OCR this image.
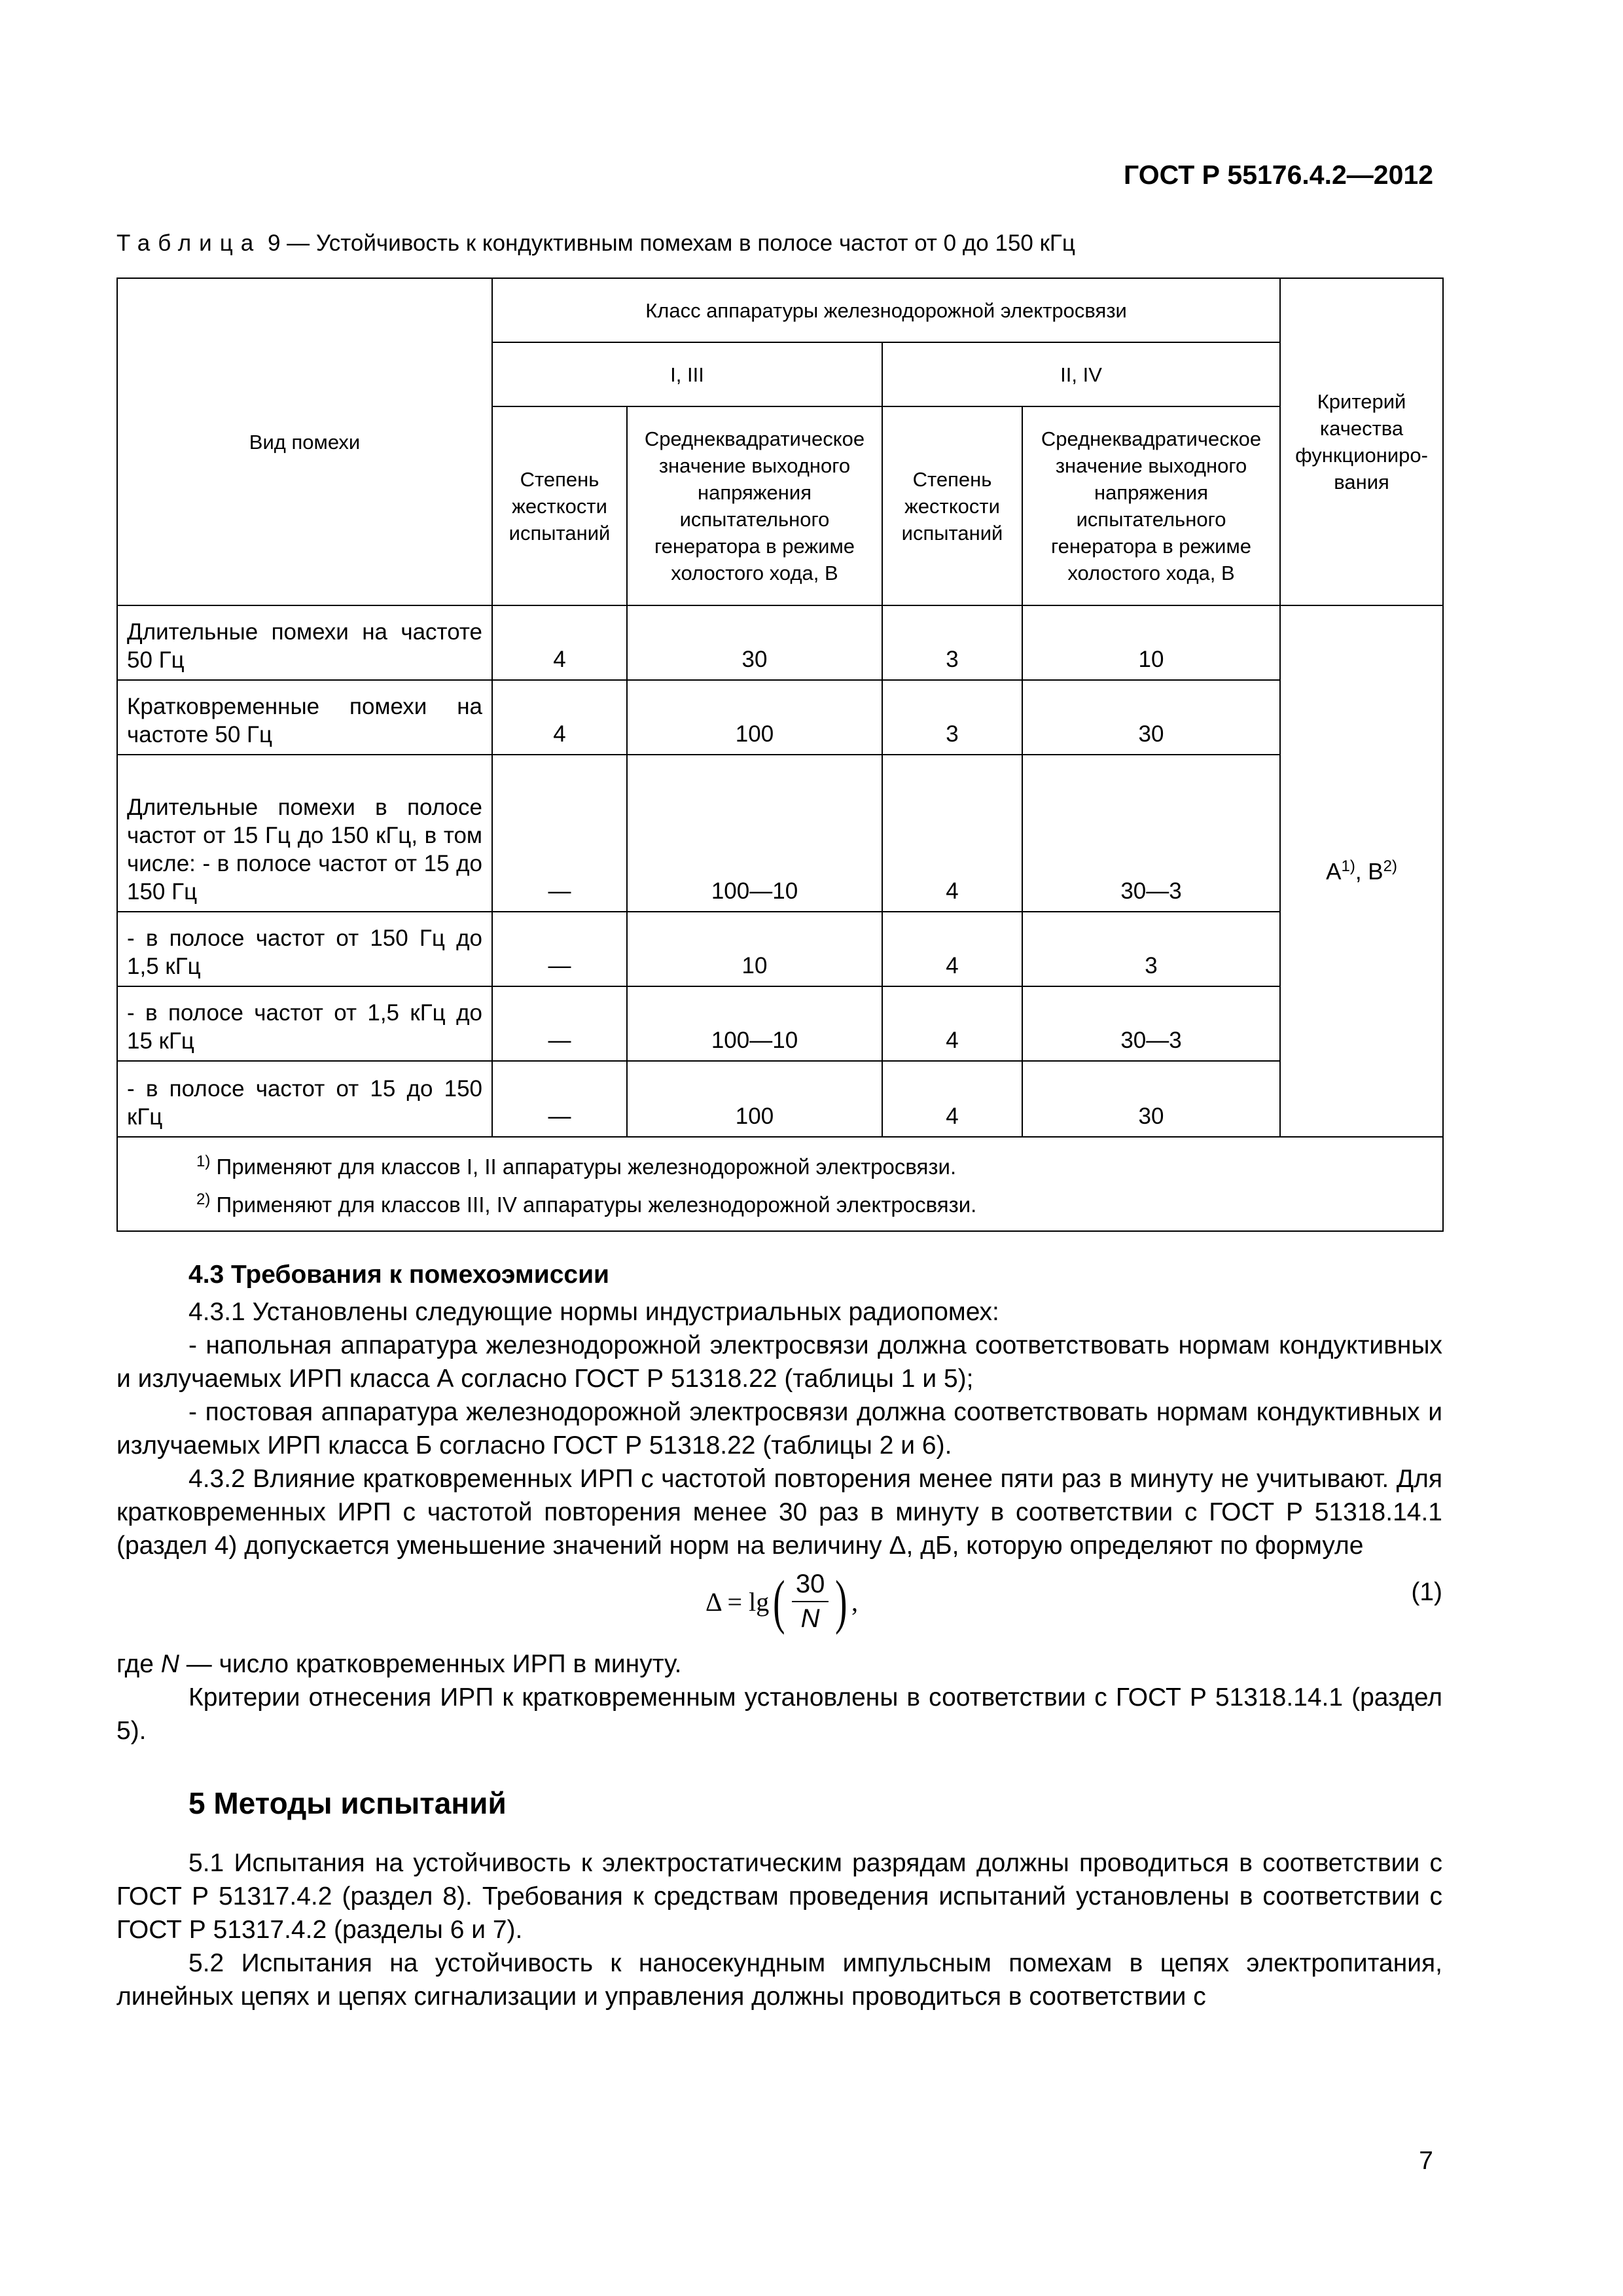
ГОСТ Р 55176.4.2—2012
Таблица 9 — Устойчивость к кондуктивным помехам в полосе частот от 0 до 150 кГц
Вид помехи	Класс аппаратуры железнодорожной электросвязи				Критерий качества функциониро-вания
	I, III		II, IV		
	Степень жесткости испытаний	Среднеквадратическое значение выходного напряжения испытательного генератора в режиме холостого хода, В	Степень жесткости испытаний	Среднеквадратическое значение выходного напряжения испытательного генератора в режиме холостого хода, В	
Длительные помехи на частоте 50 Гц	4	30	3	10	$А^{1)}$, $В^{2)}$
Кратковременные помехи на частоте 50 Гц	4	100	3	30	
Длительные помехи в полосе частот от 15 Гц до 150 кГц, в том числе: - в полосе частот от 15 до 150 Гц	—	100—10	4	30—3	
- в полосе частот от 150 Гц до 1,5 кГц	—	10	4	3	
- в полосе частот от 1,5 кГц до 15 кГц	—	100—10	4	30—3	
- в полосе частот от 15 до 150 кГц	—	100	4	30	

$^{1)}$ Применяют для классов I, II аппаратуры железнодорожной электросвязи.
$^{2)}$ Применяют для классов III, IV аппаратуры железнодорожной электросвязи.					
4.3 Требования к помехоэмиссии

4.3.1 Установлены следующие нормы индустриальных радиопомех:

- напольная аппаратура железнодорожной электросвязи должна соответствовать нормам кондуктивных и излучаемых ИРП класса А согласно ГОСТ Р 51318.22 (таблицы 1 и 5);

- постовая аппаратура железнодорожной электросвязи должна соответствовать нормам кондуктивных и излучаемых ИРП класса Б согласно ГОСТ Р 51318.22 (таблицы 2 и 6).

4.3.2 Влияние кратковременных ИРП с частотой повторения менее пяти раз в минуту не учитывают. Для кратковременных ИРП с частотой повторения менее 30 раз в минуту в соответствии с ГОСТ Р 51318.14.1 (раздел 4) допускается уменьшение значений норм на величину Δ, дБ, которую определяют по формуле

Δ = lg ( $\frac{30}{N}$ ) ,	(1)

где N — число кратковременных ИРП в минуту.

Критерии отнесения ИРП к кратковременным установлены в соответствии с ГОСТ Р 51318.14.1 (раздел 5).

5 Методы испытаний

5.1 Испытания на устойчивость к электростатическим разрядам должны проводиться в соответствии с ГОСТ Р 51317.4.2 (раздел 8). Требования к средствам проведения испытаний установлены в соответствии с ГОСТ Р 51317.4.2 (разделы 6 и 7).

5.2 Испытания на устойчивость к наносекундным импульсным помехам в цепях электропитания, линейных цепях и цепях сигнализации и управления должны проводиться в соответствии с

7
